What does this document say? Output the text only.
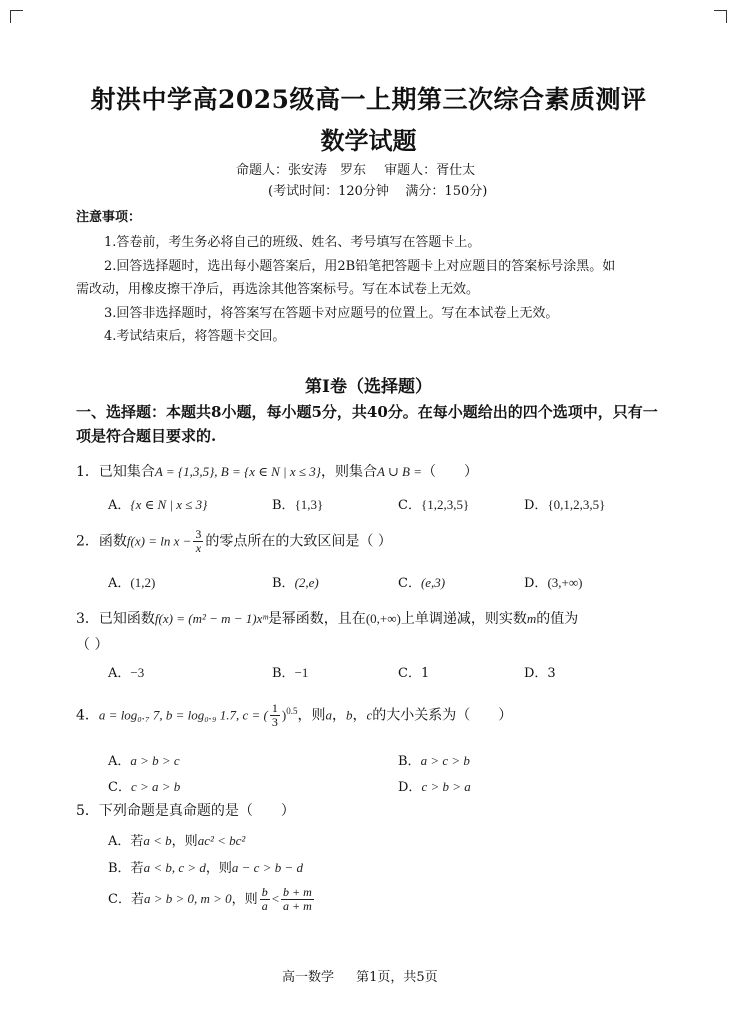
射洪中学高2025级高一上期第三次综合素质测评
数学试题
命题人：张安涛　罗东 审题人：胥仕太
(考试时间：120分钟 满分：150分)
注意事项：
1.答卷前，考生务必将自己的班级、姓名、考号填写在答题卡上。
2.回答选择题时，选出每小题答案后，用2B铅笔把答题卡上对应题目的答案标号涂黑。如
需改动，用橡皮擦干净后，再选涂其他答案标号。写在本试卷上无效。
3.回答非选择题时，将答案写在答题卡对应题号的位置上。写在本试卷上无效。
4.考试结束后，将答题卡交回。
第I卷（选择题）
一、选择题：本题共8小题，每小题5分，共40分。在每小题给出的四个选项中，只有一项是符合题目要求的.
1．已知集合A = {1,3,5}, B = {x ∈ N | x ≤ 3}，则集合A ∪ B =（　　）
A．{x ∈ N | x ≤ 3}	B．{1,3}	C．{1,2,3,5}	D．{0,1,2,3,5}
2．函数$f(x) = \ln x - \frac{3}{x}$ 的零点所在的大致区间是（ ）
A．(1,2)	B．(2,e)	C．(e,3)	D．(3,+∞)
3．已知函数f(x) = (m² − m − 1)xᵐ是幂函数，且在(0,+∞)上单调递减，则实数m的值为
（ ）
A．−3	B．−1	C．1	D．3
4．a = log₀.₇ 7, b = log₀.₉ 1.7, c = ( $\frac{1}{3} )^{0.5}$，则a，b，c的大小关系为（　　）
A．a > b > c	B．a > c > b
C．c > a > b	D．c > b > a
5．下列命题是真命题的是（　　）
A．若a < b，则ac² < bc²
B．若a < b, c > d，则a − c > b − d
C．若a > b > 0, m > 0，则 $\frac{b}{a} < \frac{b + m}{a + m}$
高一数学 第1页，共5页
